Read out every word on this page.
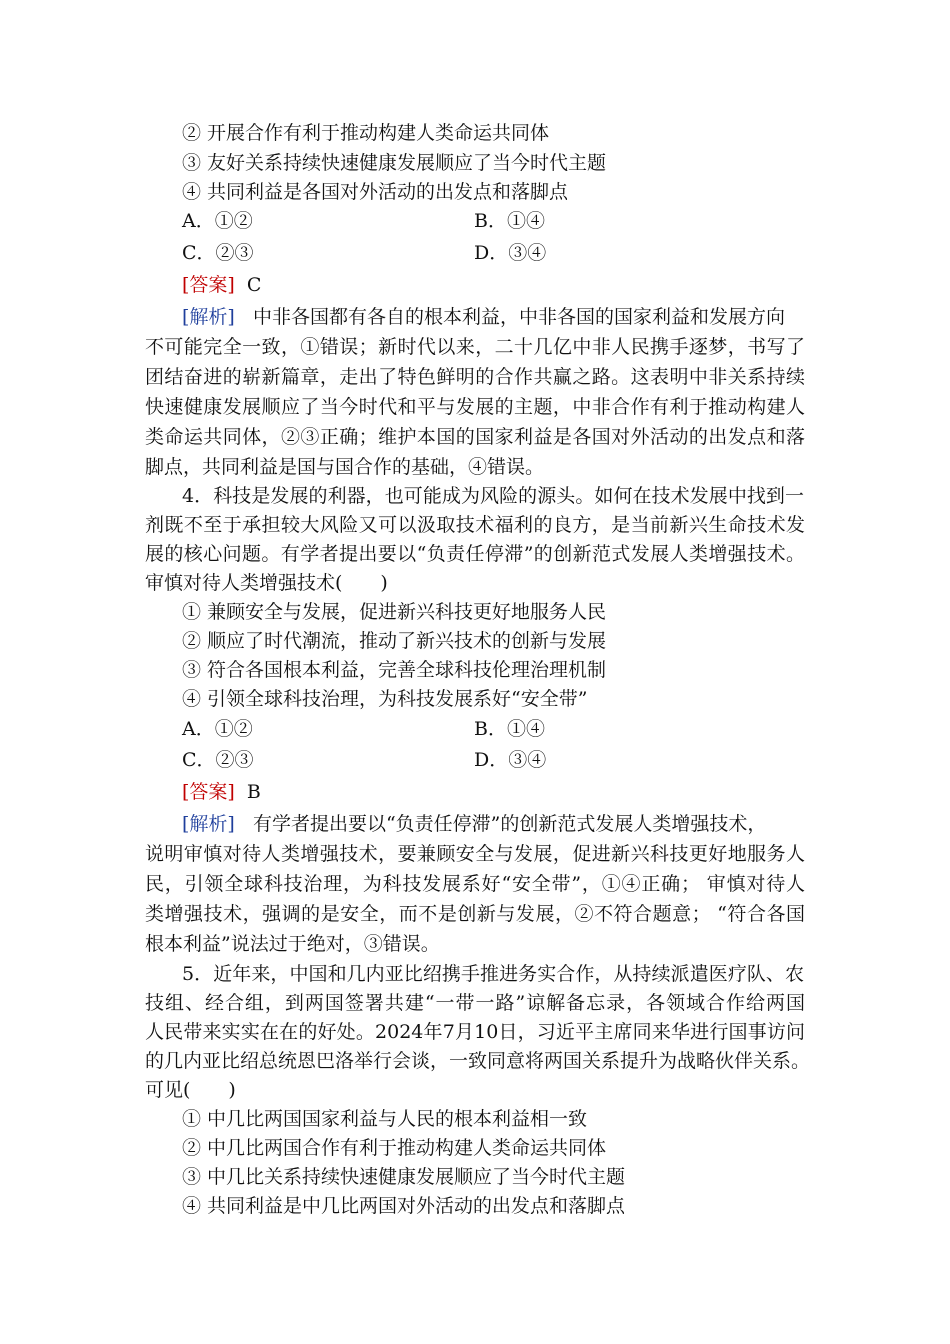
② 开展合作有利于推动构建人类命运共同体
③ 友好关系持续快速健康发展顺应了当今时代主题
④ 共同利益是各国对外活动的出发点和落脚点
A．①②	B．①④
C．②③	D．③④
[答案] C
[解析] 中非各国都有各自的根本利益，中非各国的国家利益和发展方向
不可能完全一致，①错误；新时代以来，二十几亿中非人民携手逐梦，书写了
团结奋进的崭新篇章，走出了特色鲜明的合作共赢之路。这表明中非关系持续
快速健康发展顺应了当今时代和平与发展的主题，中非合作有利于推动构建人
类命运共同体，②③正确；维护本国的国家利益是各国对外活动的出发点和落
脚点，共同利益是国与国合作的基础，④错误。
4．科技是发展的利器，也可能成为风险的源头。如何在技术发展中找到一
剂既不至于承担较大风险又可以汲取技术福利的良方，是当前新兴生命技术发
展的核心问题。有学者提出要以“负责任停滞”的创新范式发展人类增强技术。
审慎对待人类增强技术(　　)
① 兼顾安全与发展，促进新兴科技更好地服务人民
② 顺应了时代潮流，推动了新兴技术的创新与发展
③ 符合各国根本利益，完善全球科技伦理治理机制
④ 引领全球科技治理，为科技发展系好“安全带”
A．①②	B．①④
C．②③	D．③④
[答案] B
[解析] 有学者提出要以“负责任停滞”的创新范式发展人类增强技术，
说明审慎对待人类增强技术，要兼顾安全与发展，促进新兴科技更好地服务人
民，引领全球科技治理，为科技发展系好“安全带”，①④正确； 审慎对待人
类增强技术，强调的是安全，而不是创新与发展，②不符合题意； “符合各国
根本利益”说法过于绝对，③错误。
5．近年来，中国和几内亚比绍携手推进务实合作，从持续派遣医疗队、农
技组、经合组，到两国签署共建“一带一路”谅解备忘录，各领域合作给两国
人民带来实实在在的好处。2024年7月10日，习近平主席同来华进行国事访问
的几内亚比绍总统恩巴洛举行会谈，一致同意将两国关系提升为战略伙伴关系。
可见(　　)
① 中几比两国国家利益与人民的根本利益相一致
② 中几比两国合作有利于推动构建人类命运共同体
③ 中几比关系持续快速健康发展顺应了当今时代主题
④ 共同利益是中几比两国对外活动的出发点和落脚点
